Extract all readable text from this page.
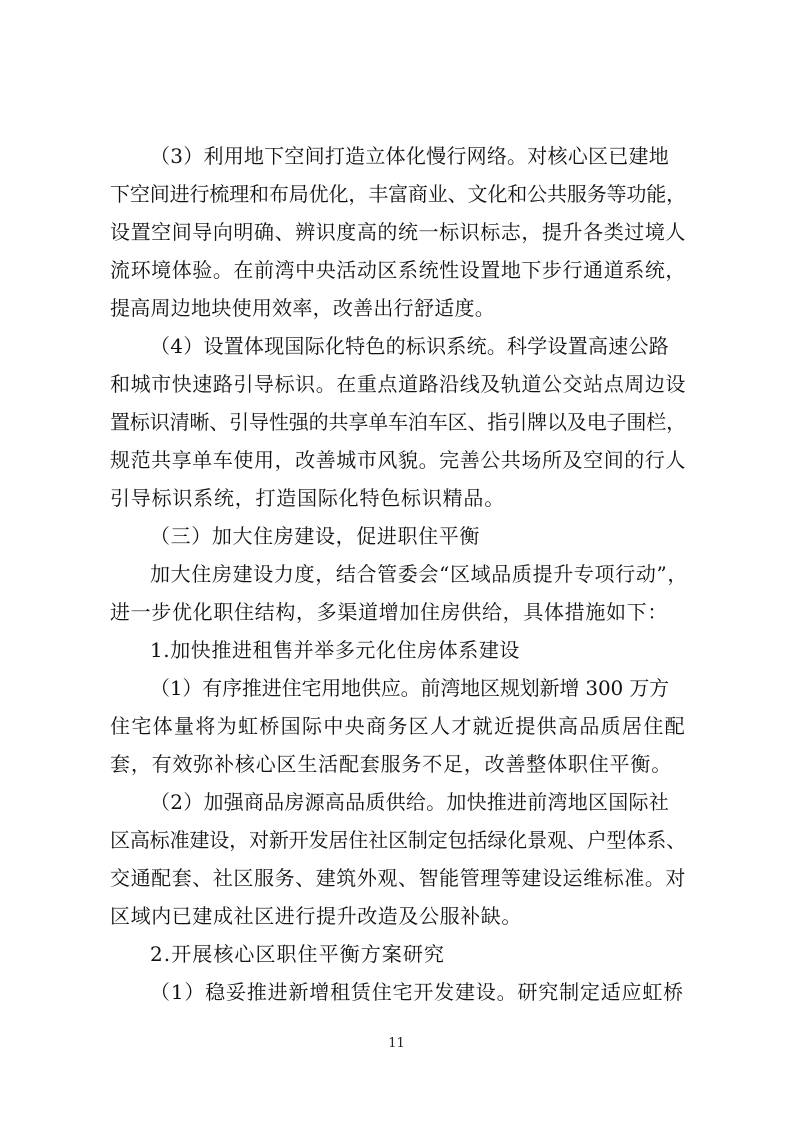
（3）利用地下空间打造立体化慢行网络。对核心区已建地
下空间进行梳理和布局优化，丰富商业、文化和公共服务等功能，
设置空间导向明确、辨识度高的统一标识标志，提升各类过境人
流环境体验。在前湾中央活动区系统性设置地下步行通道系统，
提高周边地块使用效率，改善出行舒适度。
（4）设置体现国际化特色的标识系统。科学设置高速公路
和城市快速路引导标识。在重点道路沿线及轨道公交站点周边设
置标识清晰、引导性强的共享单车泊车区、指引牌以及电子围栏，
规范共享单车使用，改善城市风貌。完善公共场所及空间的行人
引导标识系统，打造国际化特色标识精品。
（三）加大住房建设，促进职住平衡
加大住房建设力度，结合管委会“区域品质提升专项行动”，
进一步优化职住结构，多渠道增加住房供给，具体措施如下：
1.加快推进租售并举多元化住房体系建设
（1）有序推进住宅用地供应。前湾地区规划新增 300 万方
住宅体量将为虹桥国际中央商务区人才就近提供高品质居住配
套，有效弥补核心区生活配套服务不足，改善整体职住平衡。
（2）加强商品房源高品质供给。加快推进前湾地区国际社
区高标准建设，对新开发居住社区制定包括绿化景观、户型体系、
交通配套、社区服务、建筑外观、智能管理等建设运维标准。对
区域内已建成社区进行提升改造及公服补缺。
2.开展核心区职住平衡方案研究
（1）稳妥推进新增租赁住宅开发建设。研究制定适应虹桥
11
